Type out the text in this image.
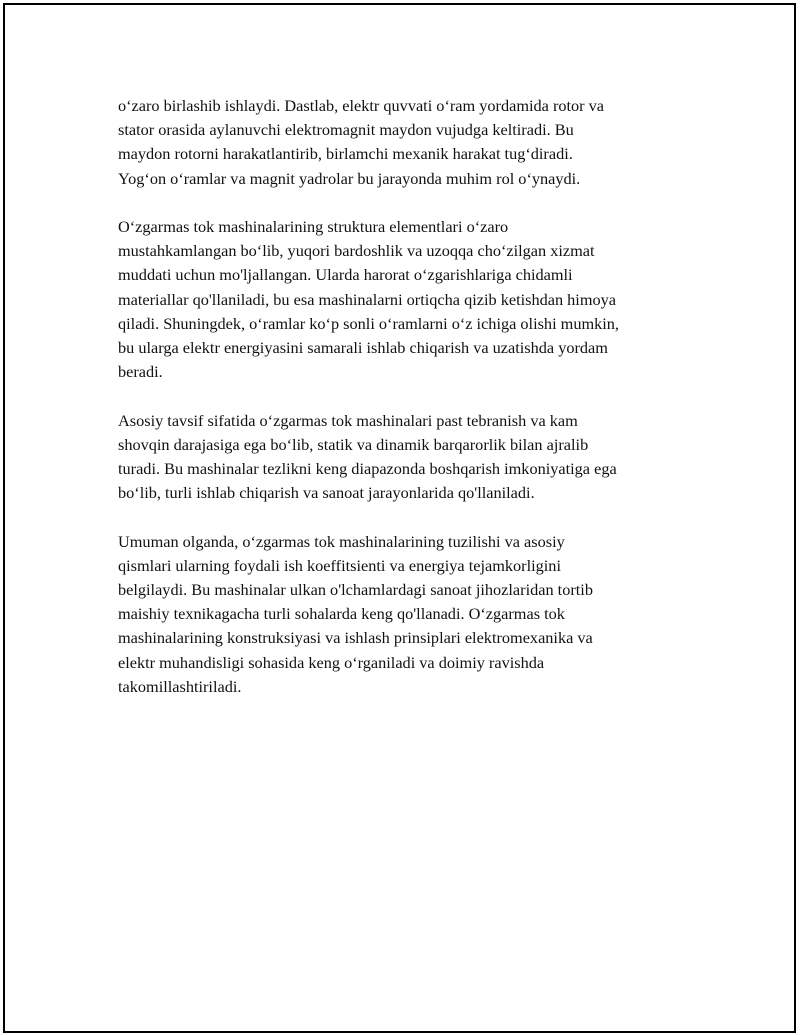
o‘zaro birlashib ishlaydi. Dastlab, elektr quvvati o‘ram yordamida rotor va
stator orasida aylanuvchi elektromagnit maydon vujudga keltiradi. Bu
maydon rotorni harakatlantirib, birlamchi mexanik harakat tug‘diradi.
Yog‘on o‘ramlar va magnit yadrolar bu jarayonda muhim rol o‘ynaydi.

O‘zgarmas tok mashinalarining struktura elementlari o‘zaro
mustahkamlangan bo‘lib, yuqori bardoshlik va uzoqqa cho‘zilgan xizmat
muddati uchun mo'ljallangan. Ularda harorat o‘zgarishlariga chidamli
materiallar qo'llaniladi, bu esa mashinalarni ortiqcha qizib ketishdan himoya
qiladi. Shuningdek, o‘ramlar ko‘p sonli o‘ramlarni o‘z ichiga olishi mumkin,
bu ularga elektr energiyasini samarali ishlab chiqarish va uzatishda yordam
beradi.

Asosiy tavsif sifatida o‘zgarmas tok mashinalari past tebranish va kam
shovqin darajasiga ega bo‘lib, statik va dinamik barqarorlik bilan ajralib
turadi. Bu mashinalar tezlikni keng diapazonda boshqarish imkoniyatiga ega
bo‘lib, turli ishlab chiqarish va sanoat jarayonlarida qo'llaniladi.

Umuman olganda, o‘zgarmas tok mashinalarining tuzilishi va asosiy
qismlari ularning foydali ish koeffitsienti va energiya tejamkorligini
belgilaydi. Bu mashinalar ulkan o'lchamlardagi sanoat jihozlaridan tortib
maishiy texnikagacha turli sohalarda keng qo'llanadi. O‘zgarmas tok
mashinalarining konstruksiyasi va ishlash prinsiplari elektromexanika va
elektr muhandisligi sohasida keng o‘rganiladi va doimiy ravishda
takomillashtiriladi.
